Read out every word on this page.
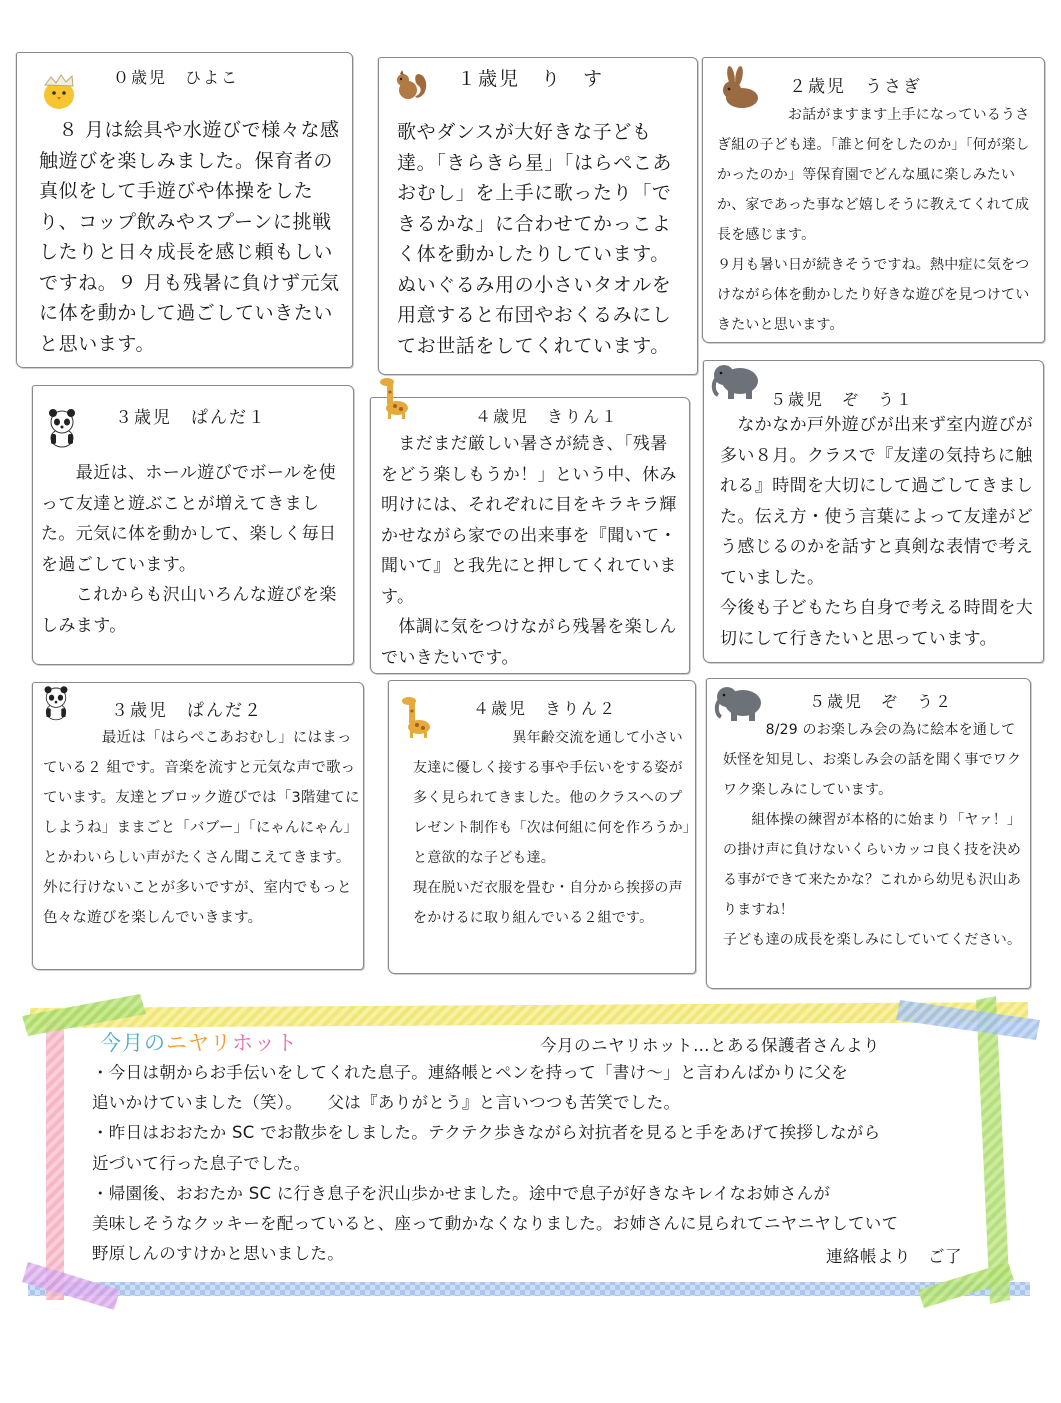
０歳児　ひよこ

　８ 月は絵具や水遊びで様々な感触遊びを楽しみました。保育者の真似をして手遊びや体操をしたり、コップ飲みやスプーンに挑戦したりと日々成長を感じ頼もしいですね。９ 月も残暑に負けず元気に体を動かして過ごしていきたいと思います。

１歳児　り　す

歌やダンスが大好きな子ども達。「きらきら星」「はらぺこあおむし」を上手に歌ったり「できるかな」に合わせてかっこよく体を動かしたりしています。ぬいぐるみ用の小さいタオルを用意すると布団やおくるみにしてお世話をしてくれています。

２歳児　うさぎ

　　　　　お話がますます上手になっているうさぎ組の子ども達。「誰と何をしたのか」「何が楽しかったのか」等保育園でどんな風に楽しみたいか、家であった事など嬉しそうに教えてくれて成長を感じます。
９月も暑い日が続きそうですね。熱中症に気をつけながら体を動かしたり好きな遊びを見つけていきたいと思います。

３歳児　ぱんだ１

　　最近は、ホール遊びでボールを使って友達と遊ぶことが増えてきました。元気に体を動かして、楽しく毎日を過ごしています。
　　これからも沢山いろんな遊びを楽しみます。

４歳児　きりん１

　まだまだ厳しい暑さが続き、「残暑をどう楽しもうか！」という中、休み明けには、それぞれに目をキラキラ輝かせながら家での出来事を『聞いて・聞いて』と我先にと押してくれています。
　体調に気をつけながら残暑を楽しんでいきたいです。

５歳児　ぞ　う１

　なかなか戸外遊びが出来ず室内遊びが多い８月。クラスで『友達の気持ちに触れる』時間を大切にして過ごしてきました。伝え方・使う言葉によって友達がどう感じるのかを話すと真剣な表情で考えていました。
今後も子どもたち自身で考える時間を大切にして行きたいと思っています。

３歳児　ぱんだ２

　　　　最近は「はらぺこあおむし」にはまっている２ 組です。音楽を流すと元気な声で歌っています。友達とブロック遊びでは「3階建てにしようね」ままごと「バブー」「にゃんにゃん」とかわいらしい声がたくさん聞こえてきます。
外に行けないことが多いですが、室内でもっと色々な遊びを楽しんでいきます。

４歳児　きりん２

　　　　　　　異年齢交流を通して小さい友達に優しく接する事や手伝いをする姿が多く見られてきました。他のクラスへのプレゼント制作も「次は何組に何を作ろうか」と意欲的な子ども達。
現在脱いだ衣服を畳む・自分から挨拶の声をかけるに取り組んでいる２組です。

５歳児　ぞ　う２

　　　8/29 のお楽しみ会の為に絵本を通して妖怪を知見し、お楽しみ会の話を聞く事でワクワク楽しみにしています。
　　組体操の練習が本格的に始まり「ヤァ！」の掛け声に負けないくらいカッコ良く技を決める事ができて来たかな？これから幼児も沢山ありますね！
子ども達の成長を楽しみにしていてください。

今月のニヤリホット	今月のニヤリホット…とある保護者さんより

・今日は朝からお手伝いをしてくれた息子。連絡帳とペンを持って「書け〜」と言わんばかりに父を
追いかけていました（笑）。　　父は『ありがとう』と言いつつも苦笑でした。
・昨日はおおたか SC でお散歩をしました。テクテク歩きながら対抗者を見ると手をあげて挨拶しながら
近づいて行った息子でした。
・帰園後、おおたか SC に行き息子を沢山歩かせました。途中で息子が好きなキレイなお姉さんが
美味しそうなクッキーを配っていると、座って動かなくなりました。お姉さんに見られてニヤニヤしていて
野原しんのすけかと思いました。	連絡帳より　ご了
